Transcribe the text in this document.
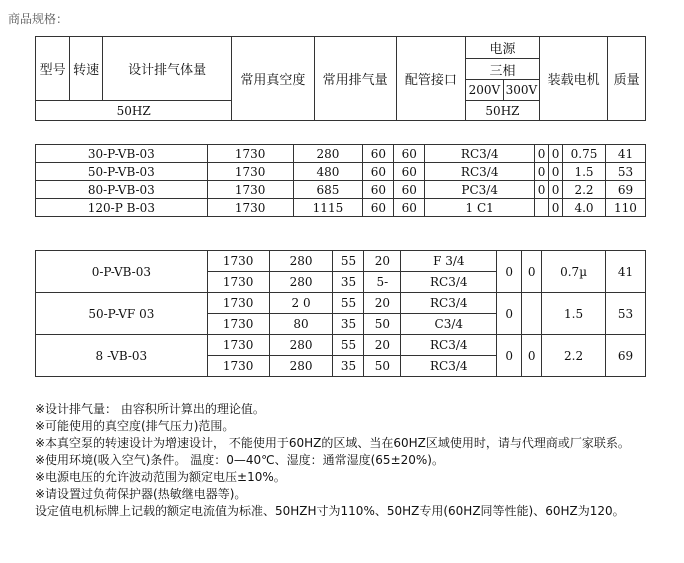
商品规格：
型号	转速	设计排气体量	常用真空度	常用排气量	配管接口	电源		装载电机	质量
						三相			
						200V	300V		
50HZ						50HZ			
30-P-VB-03	1730	280	60	60	RC3/4	0	0	0.75	41
50-P-VB-03	1730	480	60	60	RC3/4	0	0	1.5	53
80-P-VB-03	1730	685	60	60	PC3/4	0	0	2.2	69
120-P B-03	1730	1115	60	60	1 C1		0	4.0	110
0-P-VB-03	1730	280	55	20	F 3/4	0	0	0.7µ	41
	1730	280	35	5-	RC3/4				
50-P-VF 03	1730	2 0	55	20	RC3/4	0		1.5	53
	1730	80	35	50	C3/4				
8 -VB-03	1730	280	55	20	RC3/4	0	0	2.2	69
	1730	280	35	50	RC3/4				
※设计排气量： 由容积所计算出的理论值。
※可能使用的真空度(排气压力)范围。
※本真空泵的转速设计为增速设计， 不能使用于60HZ的区域、当在60HZ区域使用时，请与代理商或厂家联系。
※使用环境(吸入空气)条件。 温度：0—40℃、湿度：通常湿度(65±20%)。
※电源电压的允许波动范围为额定电压±10%。
※请设置过负荷保护器(热敏继电器等)。
设定值电机标牌上记载的额定电流值为标准、50HZH寸为110%、50HZ专用(60HZ同等性能)、60HZ为120。
